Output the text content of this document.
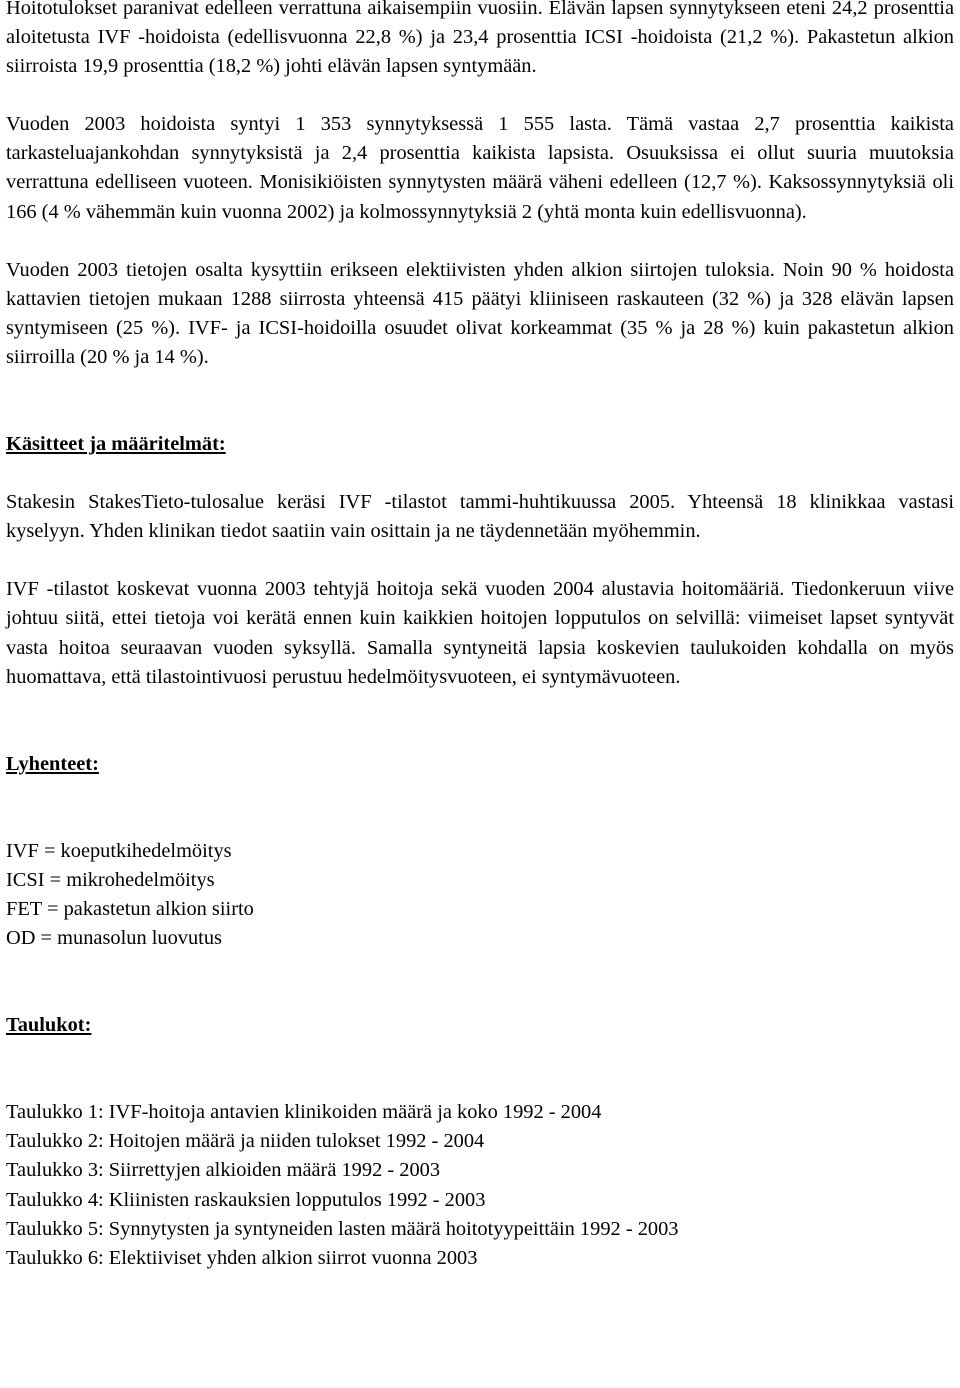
Hoitotulokset paranivat edelleen verrattuna aikaisempiin vuosiin. Elävän lapsen synnytykseen eteni 24,2 prosenttia aloitetusta IVF -hoidoista (edellisvuonna 22,8 %) ja 23,4 prosenttia ICSI -hoidoista (21,2 %). Pakastetun alkion siirroista 19,9 prosenttia (18,2 %) johti elävän lapsen syntymään.

Vuoden 2003 hoidoista syntyi 1 353 synnytyksessä 1 555 lasta. Tämä vastaa 2,7 prosenttia kaikista tarkasteluajankohdan synnytyksistä ja 2,4 prosenttia kaikista lapsista. Osuuksissa ei ollut suuria muutoksia verrattuna edelliseen vuoteen. Monisikiöisten synnytysten määrä väheni edelleen (12,7 %). Kaksossynnytyksiä oli 166 (4 % vähemmän kuin vuonna 2002) ja kolmossynnytyksiä 2 (yhtä monta kuin edellisvuonna).

Vuoden 2003 tietojen osalta kysyttiin erikseen elektiivisten yhden alkion siirtojen tuloksia. Noin 90 % hoidosta kattavien tietojen mukaan 1288 siirrosta yhteensä 415 päätyi kliiniseen raskauteen (32 %) ja 328 elävän lapsen syntymiseen (25 %). IVF- ja ICSI-hoidoilla osuudet olivat korkeammat (35 % ja 28 %) kuin pakastetun alkion siirroilla (20 % ja 14 %).

Käsitteet ja määritelmät:

Stakesin StakesTieto-tulosalue keräsi IVF -tilastot tammi-huhtikuussa 2005. Yhteensä 18 klinikkaa vastasi kyselyyn. Yhden klinikan tiedot saatiin vain osittain ja ne täydennetään myöhemmin.

IVF -tilastot koskevat vuonna 2003 tehtyjä hoitoja sekä vuoden 2004 alustavia hoitomääriä. Tiedonkeruun viive johtuu siitä, ettei tietoja voi kerätä ennen kuin kaikkien hoitojen lopputulos on selvillä: viimeiset lapset syntyvät vasta hoitoa seuraavan vuoden syksyllä. Samalla syntyneitä lapsia koskevien taulukoiden kohdalla on myös huomattava, että tilastointivuosi perustuu hedelmöitysvuoteen, ei syntymävuoteen.

Lyhenteet:
IVF = koeputkihedelmöitys
ICSI = mikrohedelmöitys
FET = pakastetun alkion siirto
OD = munasolun luovutus
Taulukot:
Taulukko 1: IVF-hoitoja antavien klinikoiden määrä ja koko 1992 - 2004
Taulukko 2: Hoitojen määrä ja niiden tulokset 1992 - 2004
Taulukko 3: Siirrettyjen alkioiden määrä 1992 - 2003
Taulukko 4: Kliinisten raskauksien lopputulos 1992 - 2003
Taulukko 5: Synnytysten ja syntyneiden lasten määrä hoitotyypeittäin 1992 - 2003
Taulukko 6: Elektiiviset yhden alkion siirrot vuonna 2003
